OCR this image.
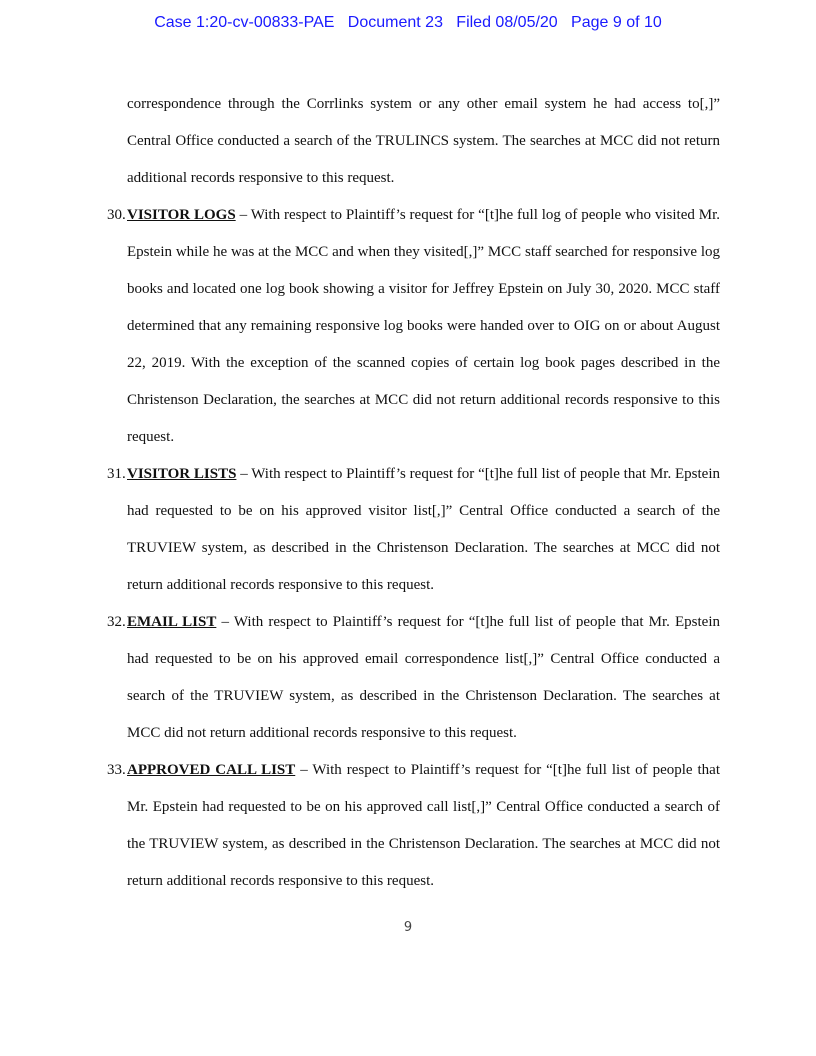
Case 1:20-cv-00833-PAE   Document 23   Filed 08/05/20   Page 9 of 10

correspondence through the Corrlinks system or any other email system he had access to[,]” Central Office conducted a search of the TRULINCS system. The searches at MCC did not return additional records responsive to this request.

30.VISITOR LOGS – With respect to Plaintiff’s request for “[t]he full log of people who visited Mr. Epstein while he was at the MCC and when they visited[,]” MCC staff searched for responsive log books and located one log book showing a visitor for Jeffrey Epstein on July 30, 2020. MCC staff determined that any remaining responsive log books were handed over to OIG on or about August 22, 2019. With the exception of the scanned copies of certain log book pages described in the Christenson Declaration, the searches at MCC did not return additional records responsive to this request.

31.VISITOR LISTS – With respect to Plaintiff’s request for “[t]he full list of people that Mr. Epstein had requested to be on his approved visitor list[,]” Central Office conducted a search of the TRUVIEW system, as described in the Christenson Declaration. The searches at MCC did not return additional records responsive to this request.

32.EMAIL LIST – With respect to Plaintiff’s request for “[t]he full list of people that Mr. Epstein had requested to be on his approved email correspondence list[,]” Central Office conducted a search of the TRUVIEW system, as described in the Christenson Declaration. The searches at MCC did not return additional records responsive to this request.

33.APPROVED CALL LIST – With respect to Plaintiff’s request for “[t]he full list of people that Mr. Epstein had requested to be on his approved call list[,]” Central Office conducted a search of the TRUVIEW system, as described in the Christenson Declaration. The searches at MCC did not return additional records responsive to this request.

9
